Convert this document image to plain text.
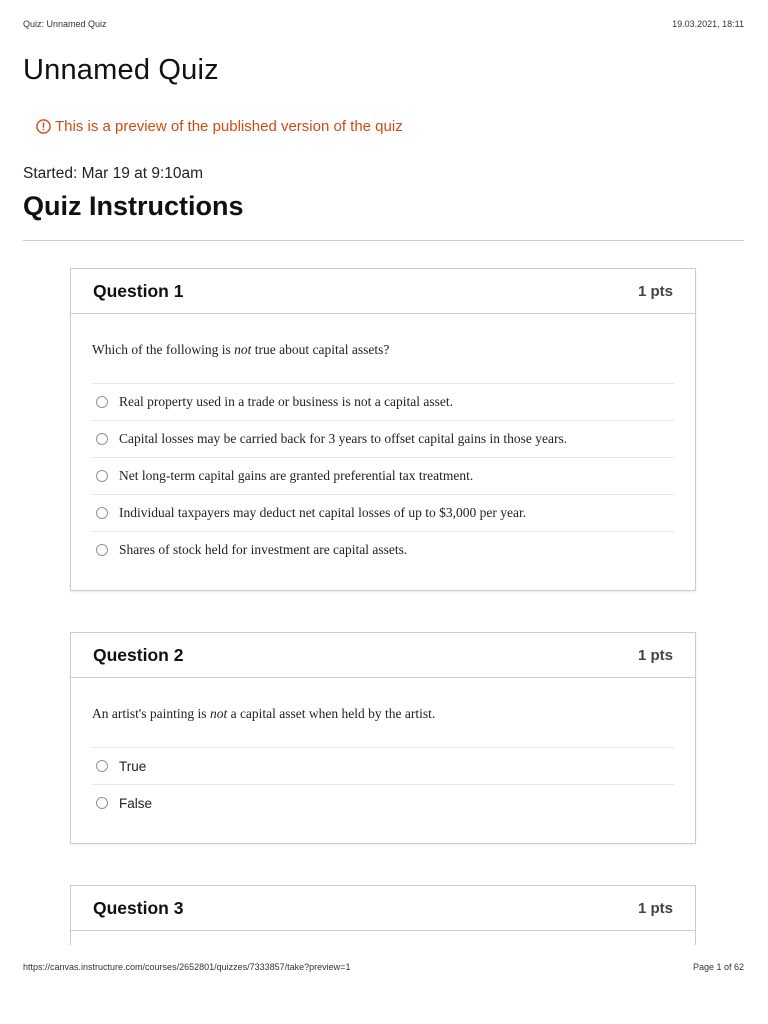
Quiz: Unnamed Quiz	19.03.2021, 18:11
Unnamed Quiz
This is a preview of the published version of the quiz
Started: Mar 19 at 9:10am
Quiz Instructions
Question 1	1 pts
Which of the following is not true about capital assets?
Real property used in a trade or business is not a capital asset.
Capital losses may be carried back for 3 years to offset capital gains in those years.
Net long-term capital gains are granted preferential tax treatment.
Individual taxpayers may deduct net capital losses of up to $3,000 per year.
Shares of stock held for investment are capital assets.
Question 2	1 pts
An artist's painting is not a capital asset when held by the artist.
True
False
Question 3	1 pts
https://canvas.instructure.com/courses/2652801/quizzes/7333857/take?preview=1	Page 1 of 62
